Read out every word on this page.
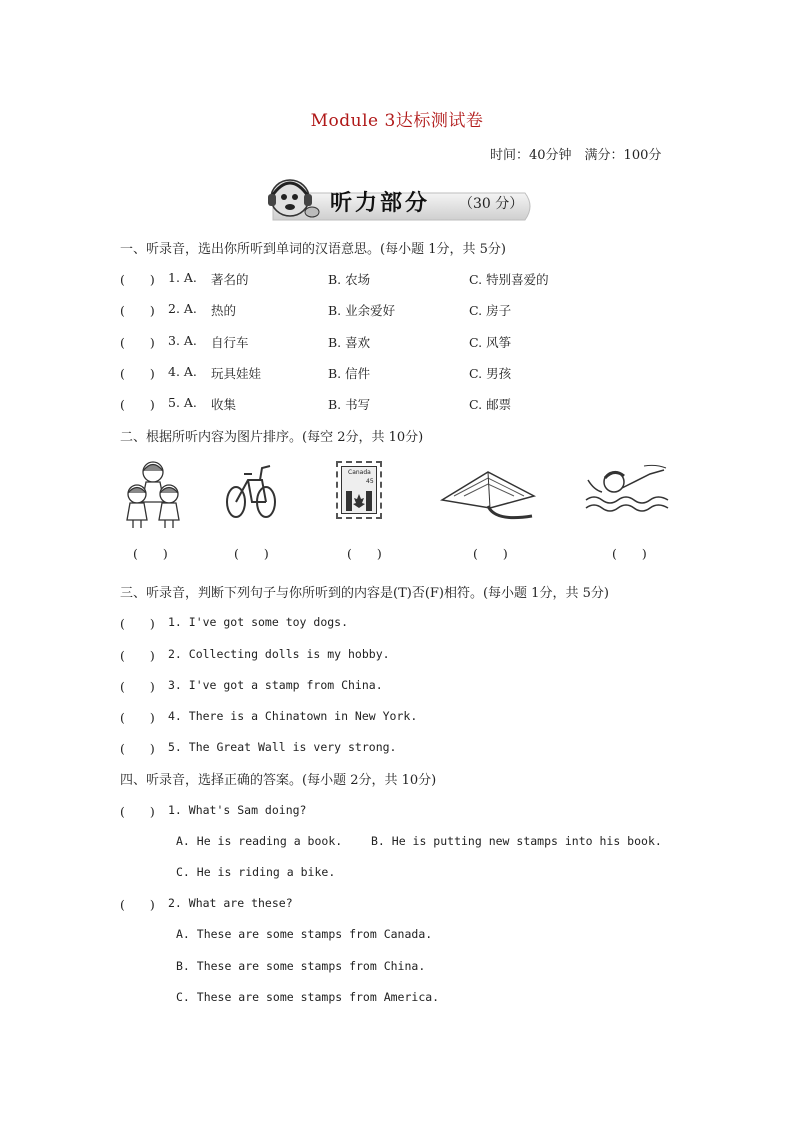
Module 3达标测试卷
时间：40分钟　满分：100分
听力部分 （30 分）
一、听录音，选出你所听到单词的汉语意思。(每小题 1分，共 5分)
(　　) 1. A. 著名的	B. 农场	C. 特别喜爱的
(　　) 2. A. 热的	B. 业余爱好	C. 房子
(　　) 3. A. 自行车	B. 喜欢	C. 风筝
(　　) 4. A. 玩具娃娃	B. 信件	C. 男孩
(　　) 5. A. 收集	B. 书写	C. 邮票
二、根据所听内容为图片排序。(每空 2分，共 10分)
Canada
45
(　　)	(　　)	(　　)	(　　)	(　　)
三、听录音，判断下列句子与你所听到的内容是(T)否(F)相符。(每小题 1分，共 5分)
(　　) 1. I've got some toy dogs.
(　　) 2. Collecting dolls is my hobby.
(　　) 3. I've got a stamp from China.
(　　) 4. There is a Chinatown in New York.
(　　) 5. The Great Wall is very strong.
四、听录音，选择正确的答案。(每小题 2分，共 10分)
(　　) 1. What's Sam doing?
A. He is reading a book.	B. He is putting new stamps into his book.
C. He is riding a bike.
(　　) 2. What are these?
A. These are some stamps from Canada.
B. These are some stamps from China.
C. These are some stamps from America.
